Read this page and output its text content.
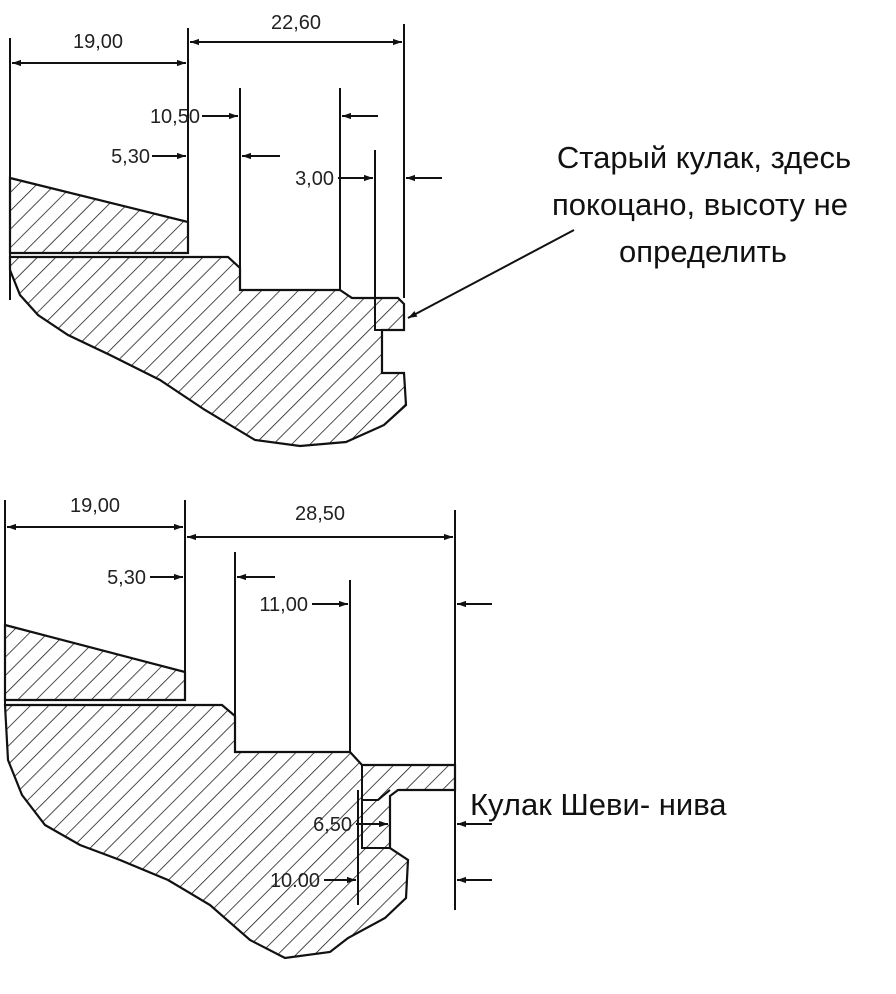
19,00
22,60
10,50
5,30
3,00
Старый кулак, здесь
покоцано, высоту не
определить
19,00	28,50
5,30
11,00
6,50
10.00
Кулак Шеви- нива
